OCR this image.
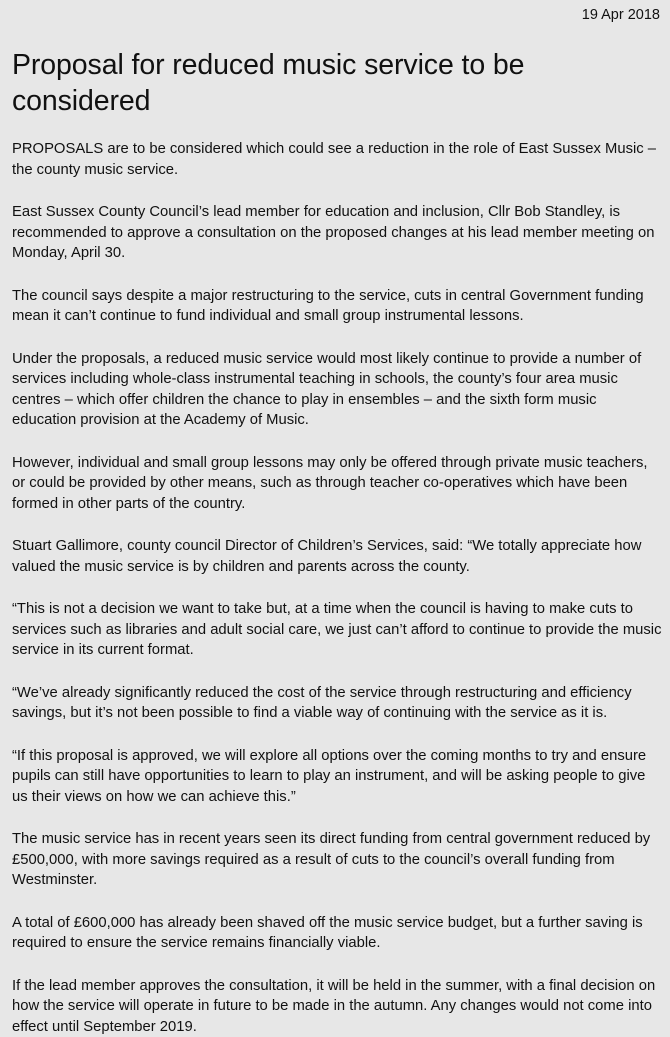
19 Apr 2018
Proposal for reduced music service to be considered

PROPOSALS are to be considered which could see a reduction in the role of East Sussex Music – the county music service.

East Sussex County Council’s lead member for education and inclusion, Cllr Bob Standley, is recommended to approve a consultation on the proposed changes at his lead member meeting on Monday, April 30.

The council says despite a major restructuring to the service, cuts in central Government funding mean it can’t continue to fund individual and small group instrumental lessons.

Under the proposals, a reduced music service would most likely continue to provide a number of services including whole-class instrumental teaching in schools, the county’s four area music centres – which offer children the chance to play in ensembles – and the sixth form music education provision at the Academy of Music.

However, individual and small group lessons may only be offered through private music teachers, or could be provided by other means, such as through teacher co-operatives which have been formed in other parts of the country.

Stuart Gallimore, county council Director of Children’s Services, said: “We totally appreciate how valued the music service is by children and parents across the county.

“This is not a decision we want to take but, at a time when the council is having to make cuts to services such as libraries and adult social care, we just can’t afford to continue to provide the music service in its current format.

“We’ve already significantly reduced the cost of the service through restructuring and efficiency savings, but it’s not been possible to find a viable way of continuing with the service as it is.

“If this proposal is approved, we will explore all options over the coming months to try and ensure pupils can still have opportunities to learn to play an instrument, and will be asking people to give us their views on how we can achieve this.”

The music service has in recent years seen its direct funding from central government reduced by £500,000, with more savings required as a result of cuts to the council’s overall funding from Westminster.

A total of £600,000 has already been shaved off the music service budget, but a further saving is required to ensure the service remains financially viable.

If the lead member approves the consultation, it will be held in the summer, with a final decision on how the service will operate in future to be made in the autumn. Any changes would not come into effect until September 2019.
